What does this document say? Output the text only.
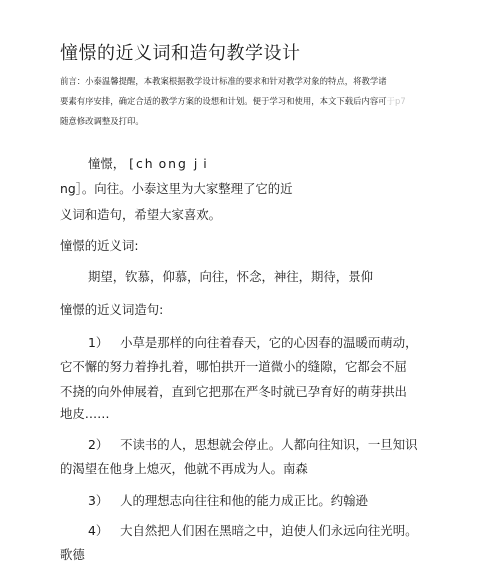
憧憬的近义词和造句教学设计
前言：小泰温馨提醒，本教案根据教学设计标准的要求和针对教学对象的特点，将教学诸
要素有序安排，确定合适的教学方案的设想和计划。便于学习和使用，本文下载后内容可于p7
随意修改调整及打印。
憧憬， [ch ong j i
ng］。向往。小泰这里为大家整理了它的近
义词和造句，希望大家喜欢。
憧憬的近义词:
期望，钦慕，仰慕，向往，怀念，神往，期待，景仰
憧憬的近义词造句:
1） 小草是那样的向往着春天，它的心因春的温暖而萌动，
它不懈的努力着挣扎着，哪怕拱开一道微小的缝隙，它都会不屈
不挠的向外伸展着，直到它把那在严冬时就已孕育好的萌芽拱出
地皮……
2） 不读书的人，思想就会停止。人都向往知识，一旦知识
的渴望在他身上熄灭，他就不再成为人。南森
3） 人的理想志向往往和他的能力成正比。约翰逊
4） 大自然把人们困在黑暗之中，迫使人们永远向往光明。
歌德
